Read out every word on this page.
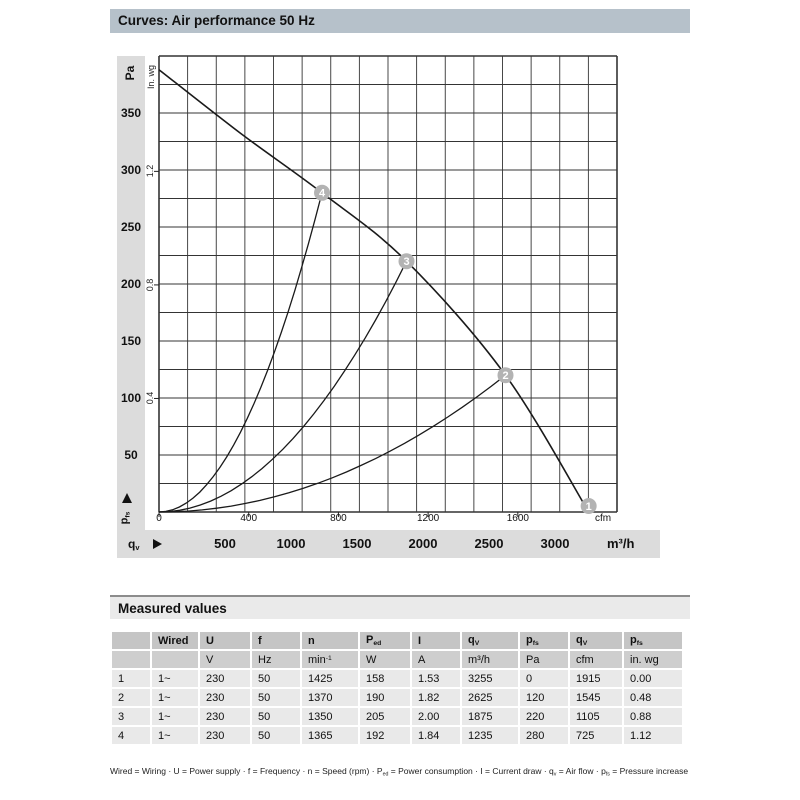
Curves: Air performance 50 Hz
Pa In. wg
50
100
150
200
250
300
350
0.4
0.8
1.2
1
2
3
4
cfm
0	400	800	1200	1600
$q_v$
$p_{fs}$
m³/h
500	1000	1500	2000	2500	3000
Measured values
	Wired	U	f	n	$P_{ed}$	I	$q_V$	$p_{fs}$	$q_V$	$p_{fs}$
		V	Hz	$\min^{-1}$	W	A	m³/h	Pa	cfm	in. wg
1	1~	230	50	1425	158	1.53	3255	0	1915	0.00
2	1~	230	50	1370	190	1.82	2625	120	1545	0.48
3	1~	230	50	1350	205	2.00	1875	220	1105	0.88
4	1~	230	50	1365	192	1.84	1235	280	725	1.12
Wired = Wiring · U = Power supply · f = Frequency · n = Speed $(rpm) \cdot P_{ed}$ = Power consumption · I = Current draw · $q_v$ = Air flow · $p_{fs}$ = Pressure increase
